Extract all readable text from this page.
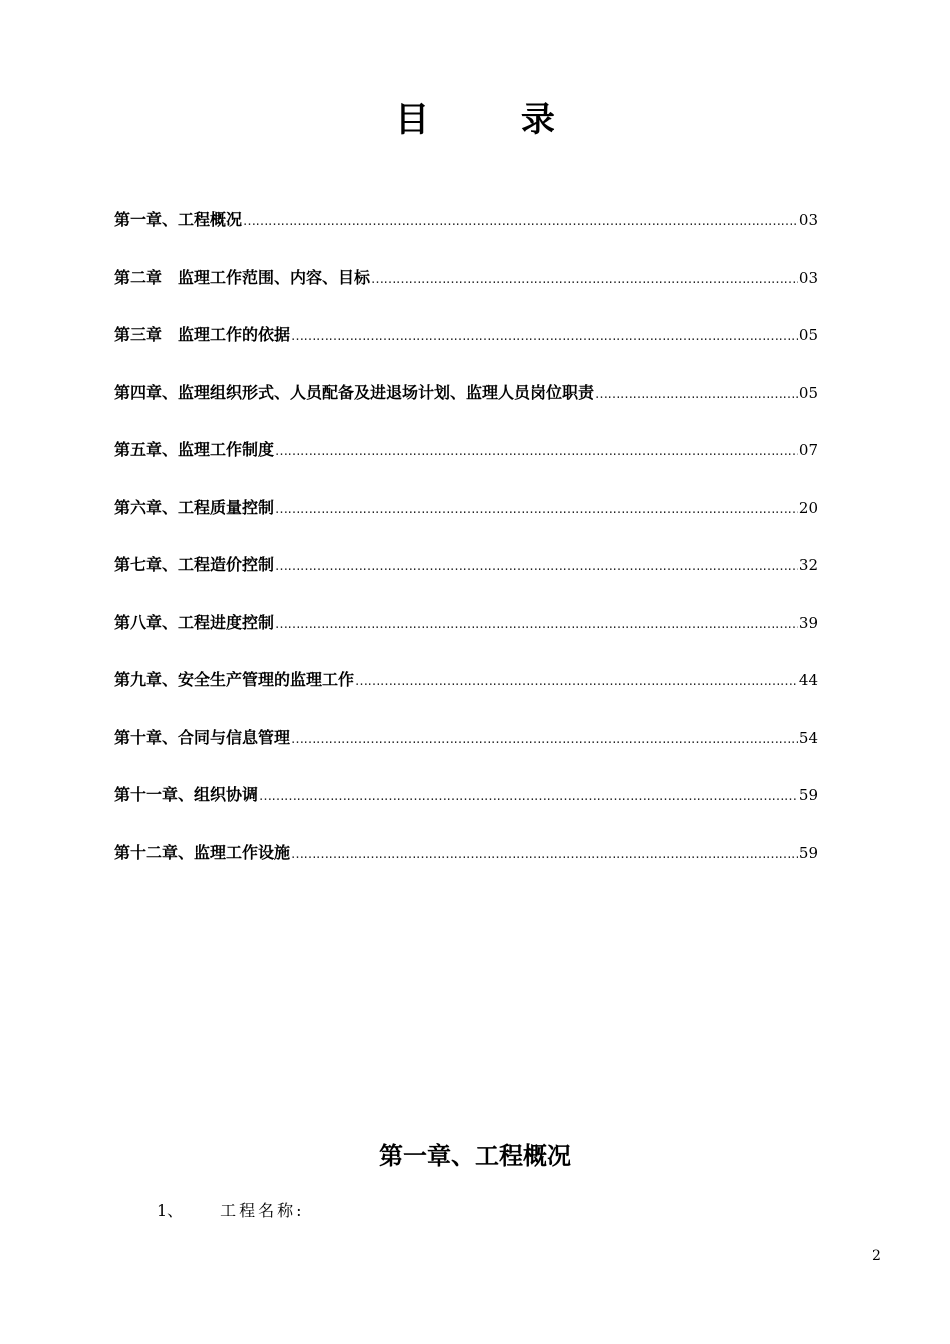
目 录
第一章、工程概况 …………………………………………………………………………………………………………………………………………………………………………………………………………………………	03
第二章　监理工作范围、内容、目标 …………………………………………………………………………………………………………………………………………………………………………………………………………………………	03
第三章　监理工作的依据 …………………………………………………………………………………………………………………………………………………………………………………………………………………………	05
第四章、监理组织形式、人员配备及进退场计划、监理人员岗位职责 …………………………………………………………………………………………………………………………………………………………………………………………………………………………	05
第五章、监理工作制度 …………………………………………………………………………………………………………………………………………………………………………………………………………………………	07
第六章、工程质量控制 …………………………………………………………………………………………………………………………………………………………………………………………………………………………	20
第七章、工程造价控制 …………………………………………………………………………………………………………………………………………………………………………………………………………………………	32
第八章、工程进度控制 …………………………………………………………………………………………………………………………………………………………………………………………………………………………	39
第九章、安全生产管理的监理工作 …………………………………………………………………………………………………………………………………………………………………………………………………………………………	44
第十章、合同与信息管理 …………………………………………………………………………………………………………………………………………………………………………………………………………………………	54
第十一章、组织协调 …………………………………………………………………………………………………………………………………………………………………………………………………………………………	59
第十二章、监理工作设施 …………………………………………………………………………………………………………………………………………………………………………………………………………………………	59
第一章、工程概况
1、 工程名称:
2
